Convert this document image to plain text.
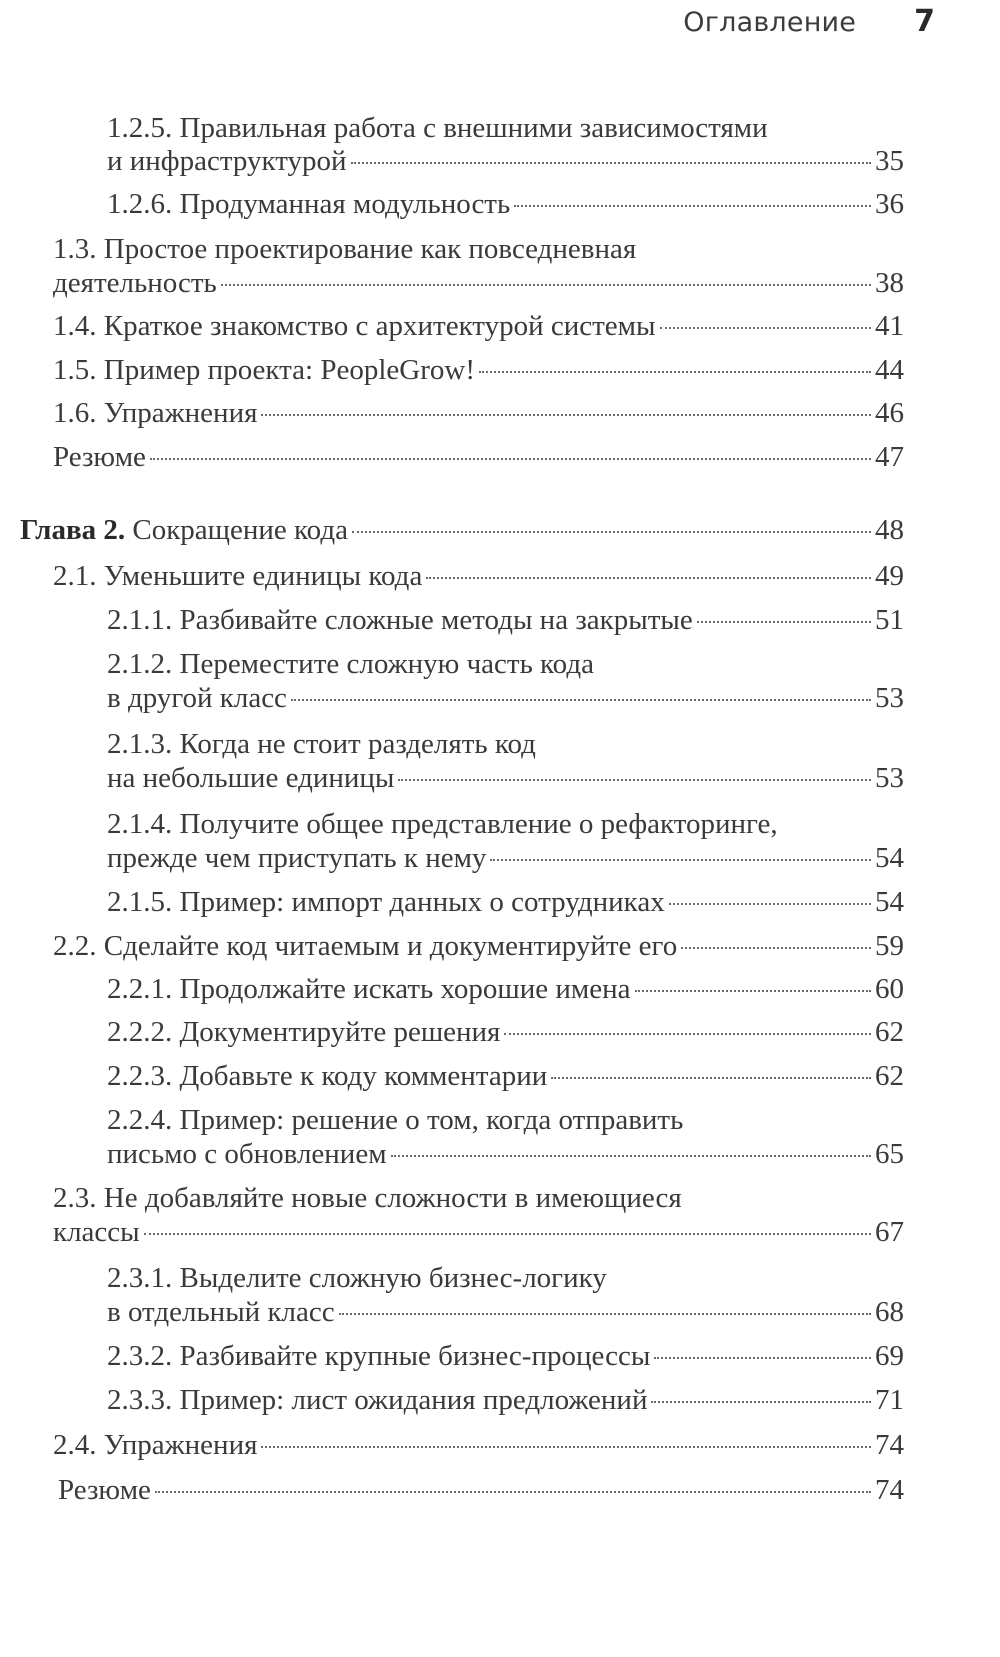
Оглавление 7
1.2.5. Правильная работа с внешними зависимостями
и инфраструктурой	35
1.2.6. Продуманная модульность	36
1.3. Простое проектирование как повседневная
деятельность	38
1.4. Краткое знакомство с архитектурой системы	41
1.5. Пример проекта: PeopleGrow!	44
1.6. Упражнения	46
Резюме	47
Глава 2. Сокращение кода	48
2.1. Уменьшите единицы кода	49
2.1.1. Разбивайте сложные методы на закрытые	51
2.1.2. Переместите сложную часть кода
в другой класс	53
2.1.3. Когда не стоит разделять код
на небольшие единицы	53
2.1.4. Получите общее представление о рефакторинге,
прежде чем приступать к нему	54
2.1.5. Пример: импорт данных о сотрудниках	54
2.2. Сделайте код читаемым и документируйте его	59
2.2.1. Продолжайте искать хорошие имена	60
2.2.2. Документируйте решения	62
2.2.3. Добавьте к коду комментарии	62
2.2.4. Пример: решение о том, когда отправить
письмо с обновлением	65
2.3. Не добавляйте новые сложности в имеющиеся
классы	67
2.3.1. Выделите сложную бизнес-логику
в отдельный класс	68
2.3.2. Разбивайте крупные бизнес-процессы	69
2.3.3. Пример: лист ожидания предложений	71
2.4. Упражнения	74
Резюме	74
